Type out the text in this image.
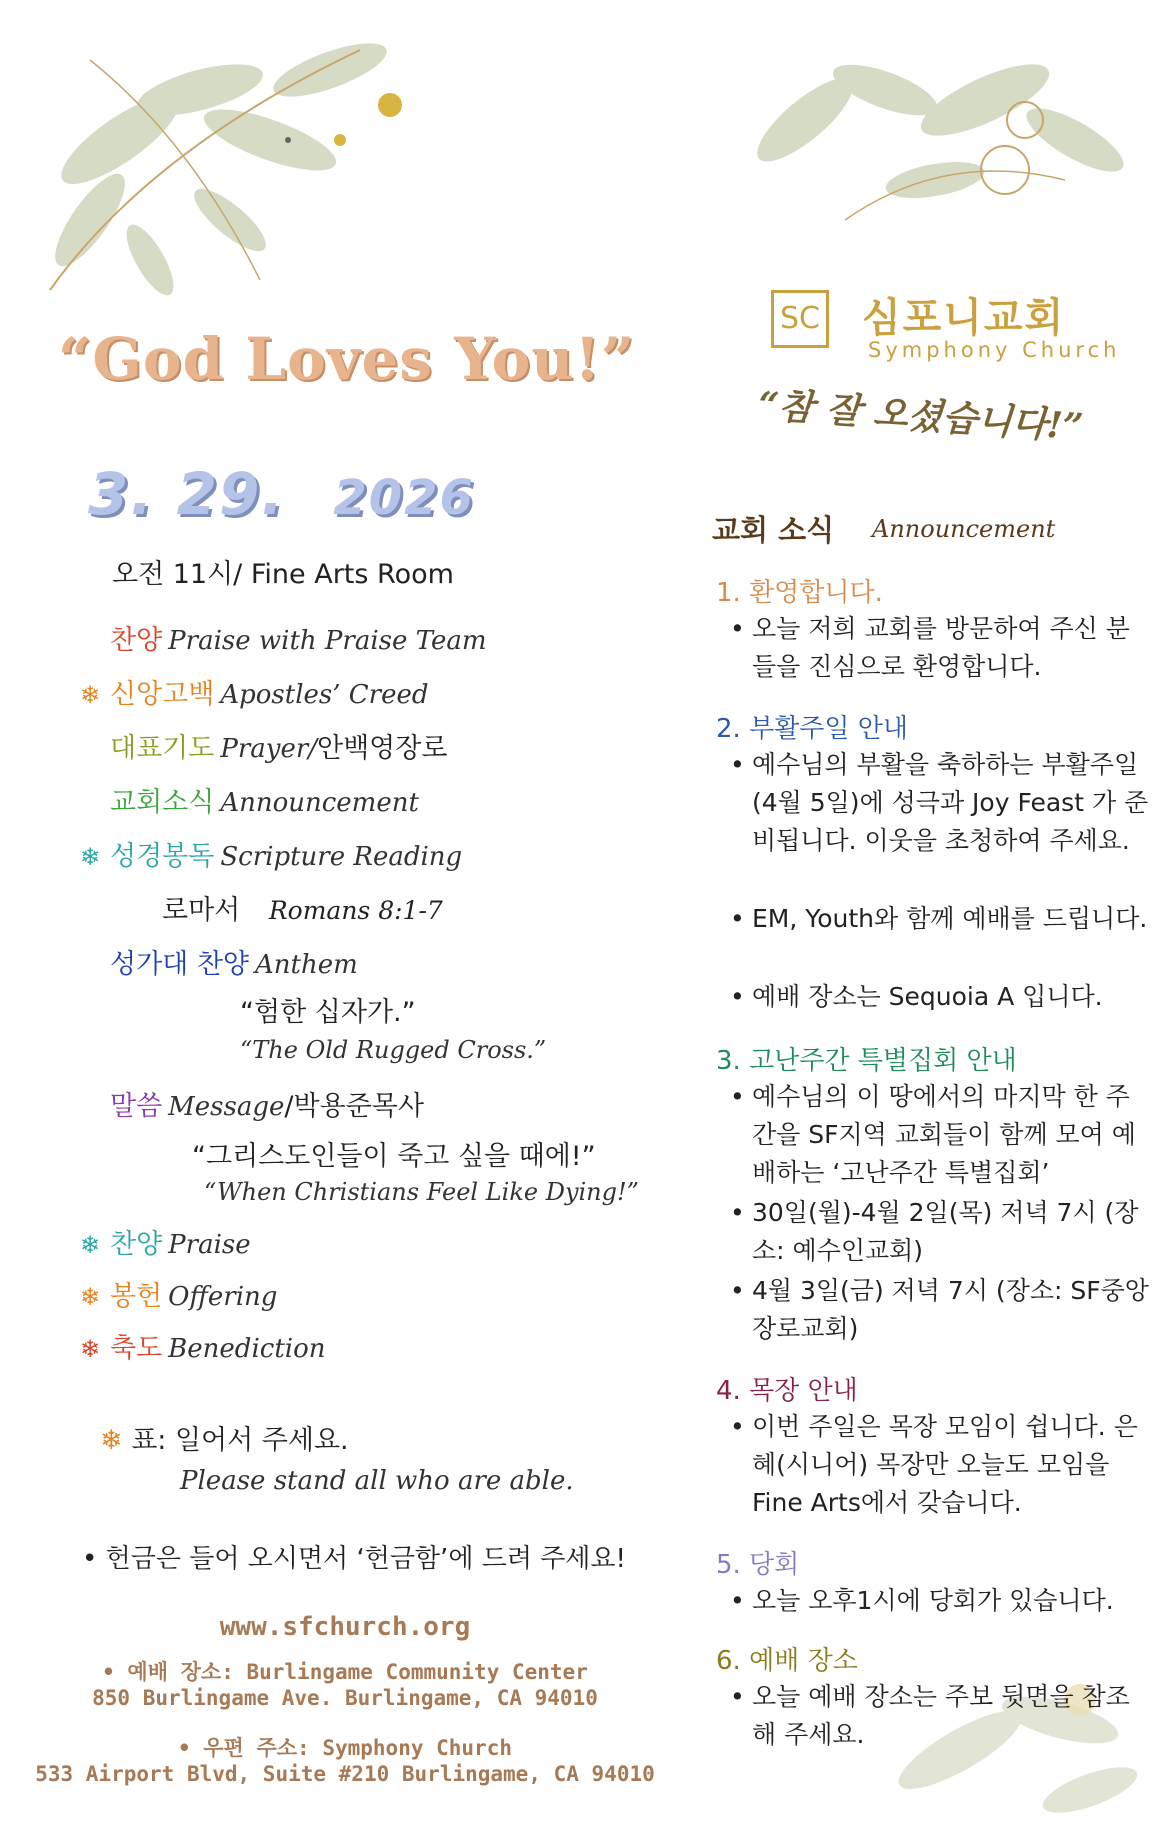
“God Loves You!”
3. 29. 2026
오전 11시/ Fine Arts Room
찬양 Praise with Praise Team
❄ 신앙고백 Apostles’ Creed
대표기도 Prayer/안백영장로
교회소식 Announcement
❄ 성경봉독 Scripture Reading
로마서 Romans 8:1-7
성가대 찬양 Anthem
“험한 십자가.”
“The Old Rugged Cross.”
말씀 Message/박용준목사
“그리스도인들이 죽고 싶을 때에!”
“When Christians Feel Like Dying!”
❄ 찬양 Praise
❄ 봉헌 Offering
❄ 축도 Benediction
❄ 표: 일어서 주세요.
Please stand all who are able.
• 헌금은 들어 오시면서 ‘헌금함’에 드려 주세요!
www.sfchurch.org
• 예배 장소: Burlingame Community Center
850 Burlingame Ave. Burlingame, CA 94010
• 우편 주소: Symphony Church
533 Airport Blvd, Suite #210 Burlingame, CA 94010
SC 심포니교회
Symphony Church
“참 잘 오셨습니다!”
교회 소식 Announcement
1. 환영합니다.
• 오늘 저희 교회를 방문하여 주신 분들을 진심으로 환영합니다.
2. 부활주일 안내
• 예수님의 부활을 축하하는 부활주일(4월 5일)에 성극과 Joy Feast 가 준비됩니다. 이웃을 초청하여 주세요.
• EM, Youth와 함께 예배를 드립니다.
• 예배 장소는 Sequoia A 입니다.
3. 고난주간 특별집회 안내
• 예수님의 이 땅에서의 마지막 한 주간을 SF지역 교회들이 함께 모여 예배하는 ‘고난주간 특별집회’
• 30일(월)-4월 2일(목) 저녁 7시 (장소: 예수인교회)
• 4월 3일(금) 저녁 7시 (장소: SF중앙장로교회)
4. 목장 안내
• 이번 주일은 목장 모임이 쉽니다. 은혜(시니어) 목장만 오늘도 모임을 Fine Arts에서 갖습니다.
5. 당회
• 오늘 오후1시에 당회가 있습니다.
6. 예배 장소
• 오늘 예배 장소는 주보 뒷면을 참조해 주세요.
